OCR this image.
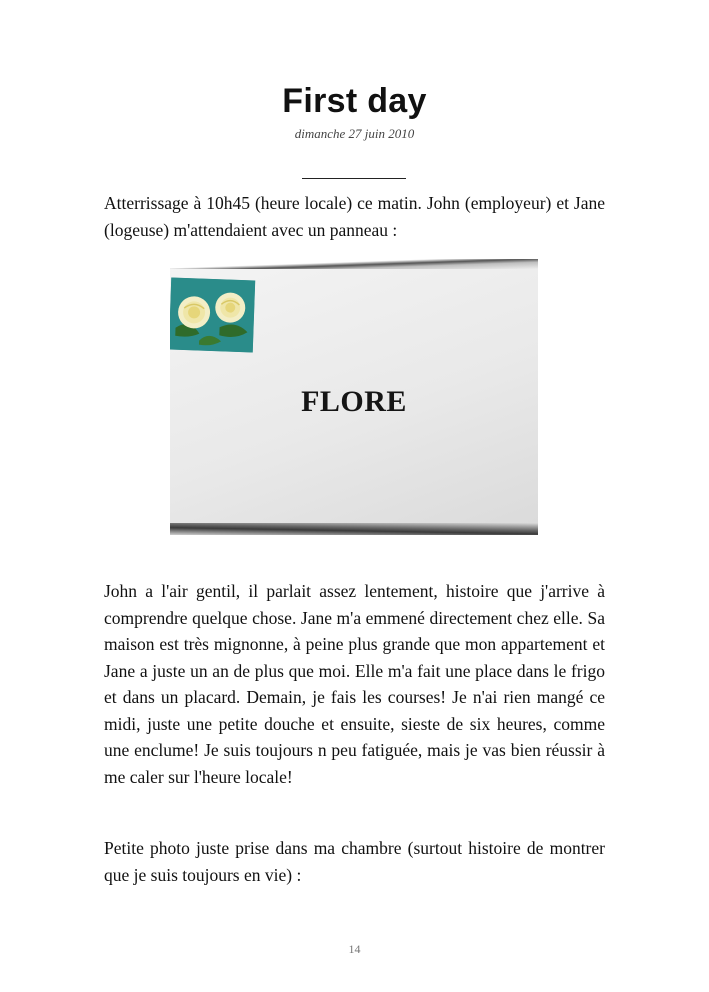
First day
dimanche 27 juin 2010

Atterrissage à 10h45 (heure locale) ce matin. John (employeur) et Jane (logeuse) m'attendaient avec un panneau :

FLORE

John a l'air gentil, il parlait assez lentement, histoire que j'arrive à comprendre quelque chose. Jane m'a emmené directement chez elle. Sa maison est très mignonne, à peine plus grande que mon appartement et Jane a juste un an de plus que moi. Elle m'a fait une place dans le frigo et dans un placard. Demain, je fais les courses! Je n'ai rien mangé ce midi, juste une petite douche et ensuite, sieste de six heures, comme une enclume! Je suis toujours n peu fatiguée, mais je vas bien réussir à me caler sur l'heure locale!

Petite photo juste prise dans ma chambre (surtout histoire de montrer que je suis toujours en vie) :

14
